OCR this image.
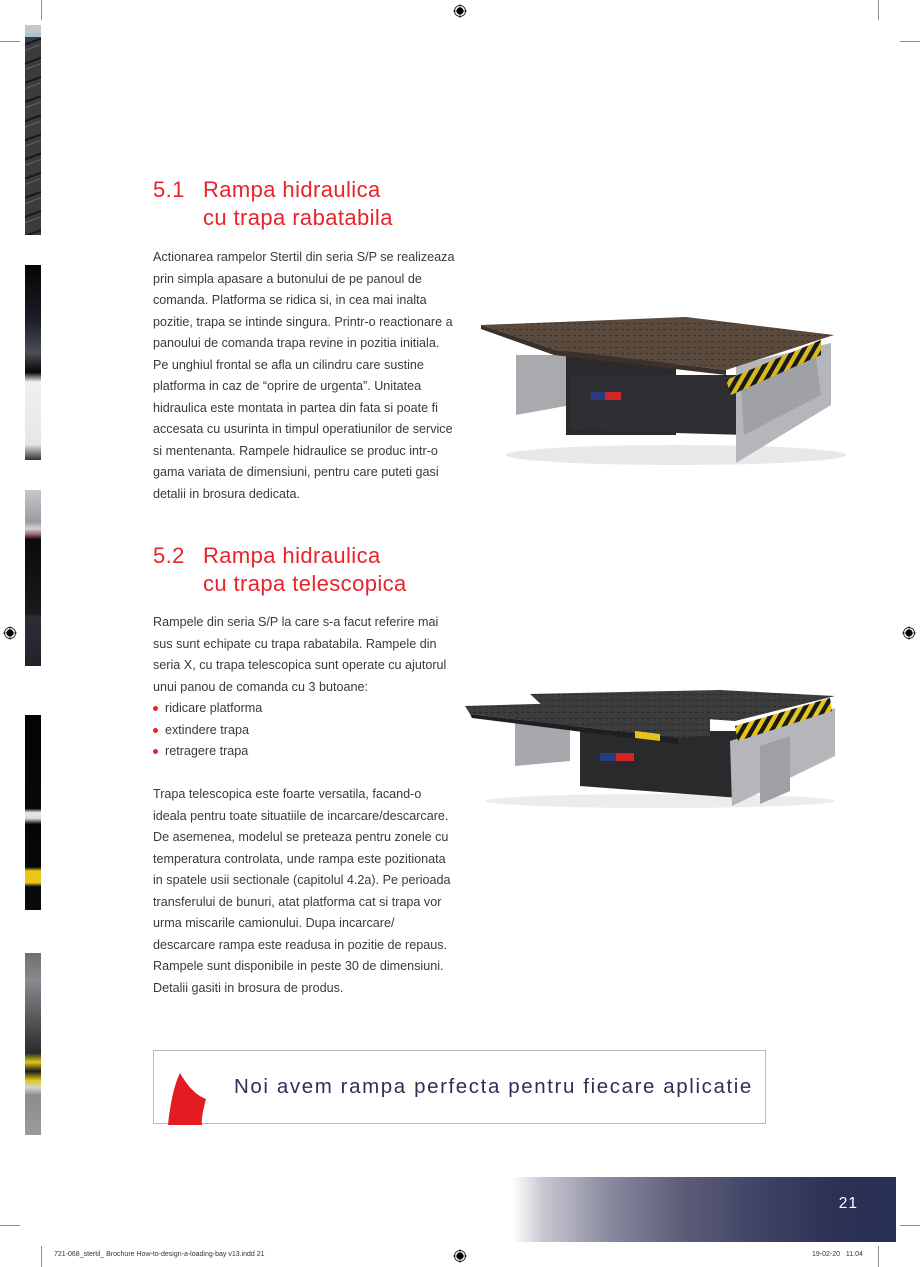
5.1 Rampa hidraulica
cu trapa rabatabila

Actionarea rampelor Stertil din seria S/P se realizeaza prin simpla apasare a butonului de pe panoul de comanda. Platforma se ridica si, in cea mai inalta pozitie, trapa se intinde singura. Printr-o reactionare a panoului de comanda trapa revine in pozitia initiala. Pe unghiul frontal se afla un cilindru care sustine platforma in caz de “oprire de urgenta”. Unitatea hidraulica este montata in partea din fata si poate fi accesata cu usurinta in timpul operatiunilor de service si mentenanta. Rampele hidraulice se produc intr-o gama variata de dimensiuni, pentru care puteti gasi detalii in brosura dedicata.

5.2 Rampa hidraulica
cu trapa telescopica

Rampele din seria S/P la care s-a facut referire mai sus sunt echipate cu trapa rabatabila. Rampele din seria X, cu trapa telescopica sunt operate cu ajutorul unui panou de comanda cu 3 butoane:

ridicare platforma
extindere trapa
retragere trapa

Trapa telescopica este foarte versatila, facand-o ideala pentru toate situatiile de incarcare/descarcare. De asemenea, modelul se preteaza pentru zonele cu temperatura controlata, unde rampa este pozitionata in spatele usii sectionale (capitolul 4.2a). Pe perioada transferului de bunuri, atat platforma cat si trapa vor urma miscarile camionului. Dupa incarcare/ descarcare rampa este readusa in pozitie de repaus. Rampele sunt disponibile in peste 30 de dimensiuni. Detalii gasiti in brosura de produs.

Noi avem rampa perfecta pentru fiecare aplicatie
21
721-068_stertil_ Brochure How-to-design-a-loading-bay v13.indd 21	19-02-20   11:04
